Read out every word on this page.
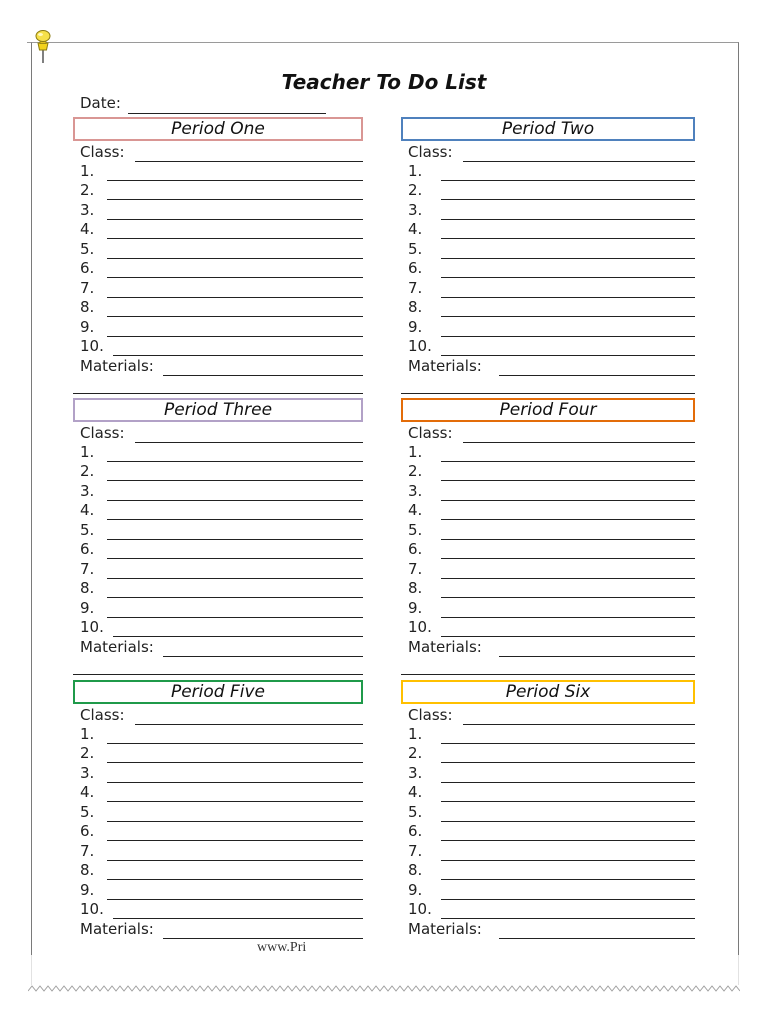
Teacher To Do List
Date:
Period One
Class:
1.
2.
3.
4.
5.
6.
7.
8.
9.
10.
Materials:
Period Two
Class:
1.
2.
3.
4.
5.
6.
7.
8.
9.
10.
Materials:
Period Three
Class:
1.
2.
3.
4.
5.
6.
7.
8.
9.
10.
Materials:
Period Four
Class:
1.
2.
3.
4.
5.
6.
7.
8.
9.
10.
Materials:
Period Five
Class:
1.
2.
3.
4.
5.
6.
7.
8.
9.
10.
Materials:
Period Six
Class:
1.
2.
3.
4.
5.
6.
7.
8.
9.
10.
Materials:
www.Pri
